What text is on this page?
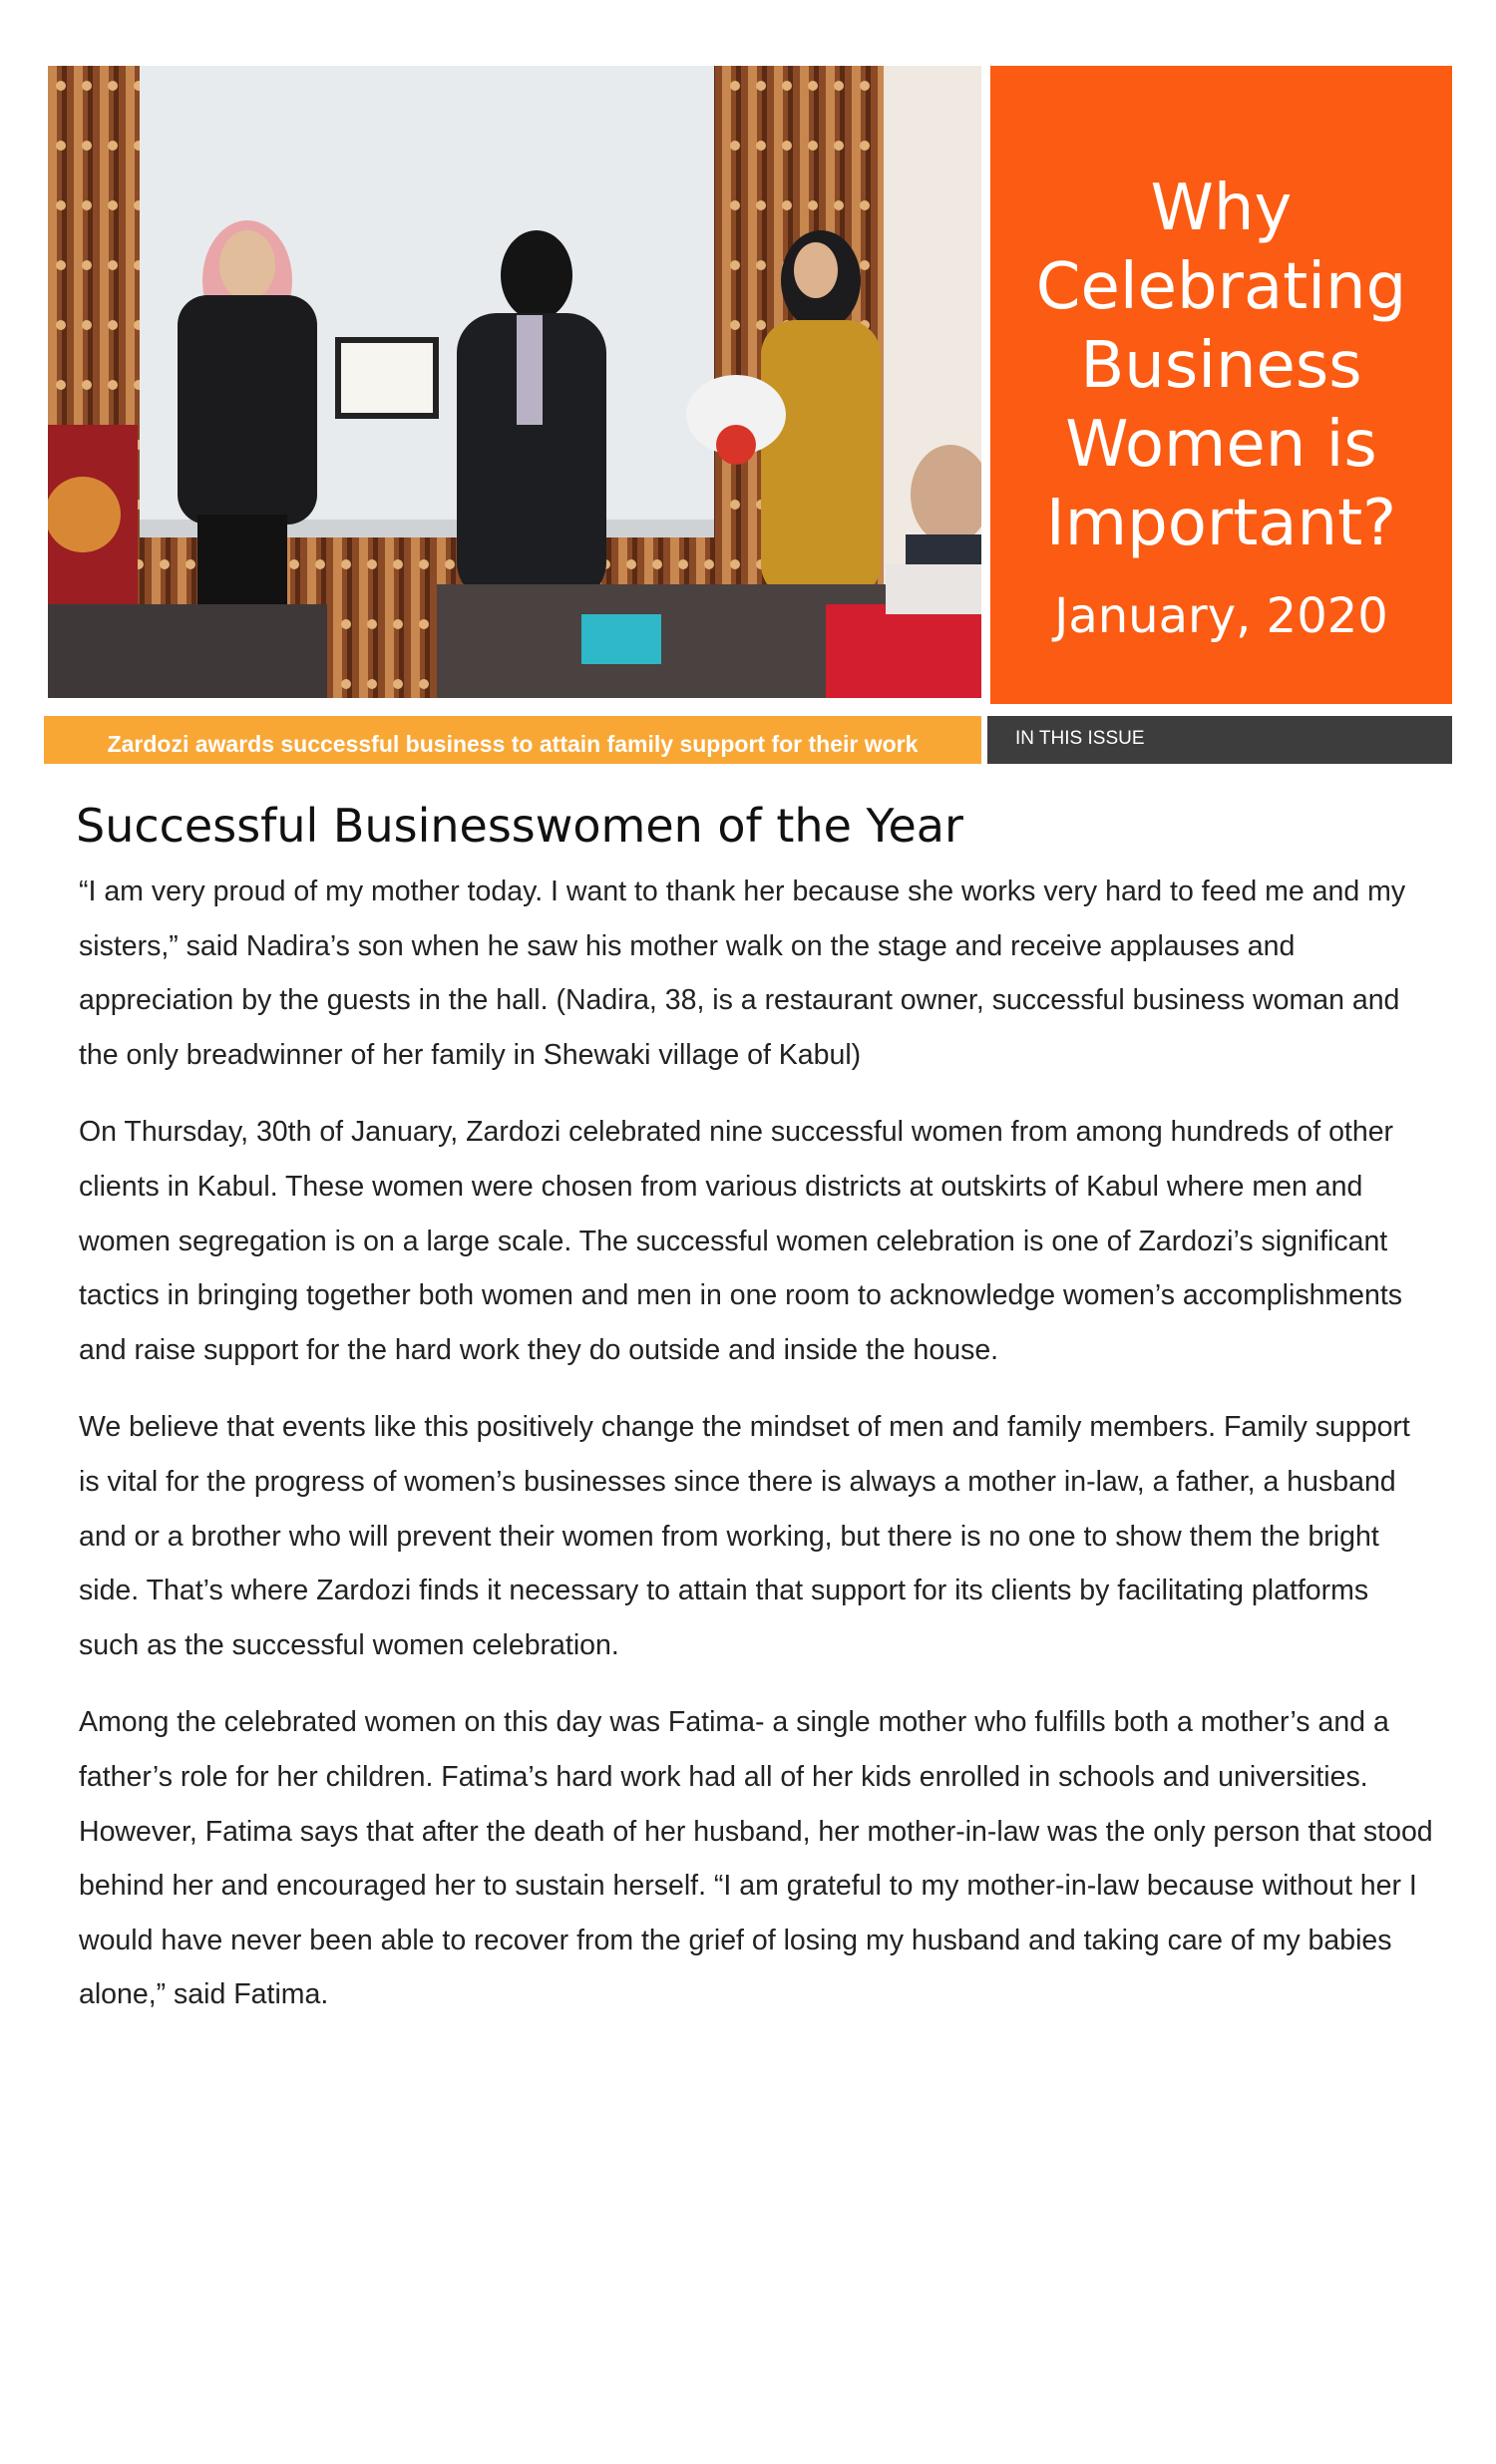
Why Celebrating Business Women is Important?
January, 2020
Zardozi awards successful business to attain family support for their work	IN THIS ISSUE
Successful Businesswomen of the Year

“I am very proud of my mother today. I want to thank her because she works very hard to feed me and my sisters,” said Nadira’s son when he saw his mother walk on the stage and receive applauses and appreciation by the guests in the hall. (Nadira, 38, is a restaurant owner, successful business woman and the only breadwinner of her family in Shewaki village of Kabul)

On Thursday, 30th of January, Zardozi celebrated nine successful women from among hundreds of other clients in Kabul. These women were chosen from various districts at outskirts of Kabul where men and women segregation is on a large scale. The successful women celebration is one of Zardozi’s significant tactics in bringing together both women and men in one room to acknowledge women’s accomplishments and raise support for the hard work they do outside and inside the house.

We believe that events like this positively change the mindset of men and family members. Family support is vital for the progress of women’s businesses since there is always a mother in-law, a father, a husband and or a brother who will prevent their women from working, but there is no one to show them the bright side. That’s where Zardozi finds it necessary to attain that support for its clients by facilitating platforms such as the successful women celebration.

Among the celebrated women on this day was Fatima- a single mother who fulfills both a mother’s and a father’s role for her children. Fatima’s hard work had all of her kids enrolled in schools and universities. However, Fatima says that after the death of her husband, her mother-in-law was the only person that stood behind her and encouraged her to sustain herself. “I am grateful to my mother-in-law because without her I would have never been able to recover from the grief of losing my husband and taking care of my babies alone,” said Fatima.
